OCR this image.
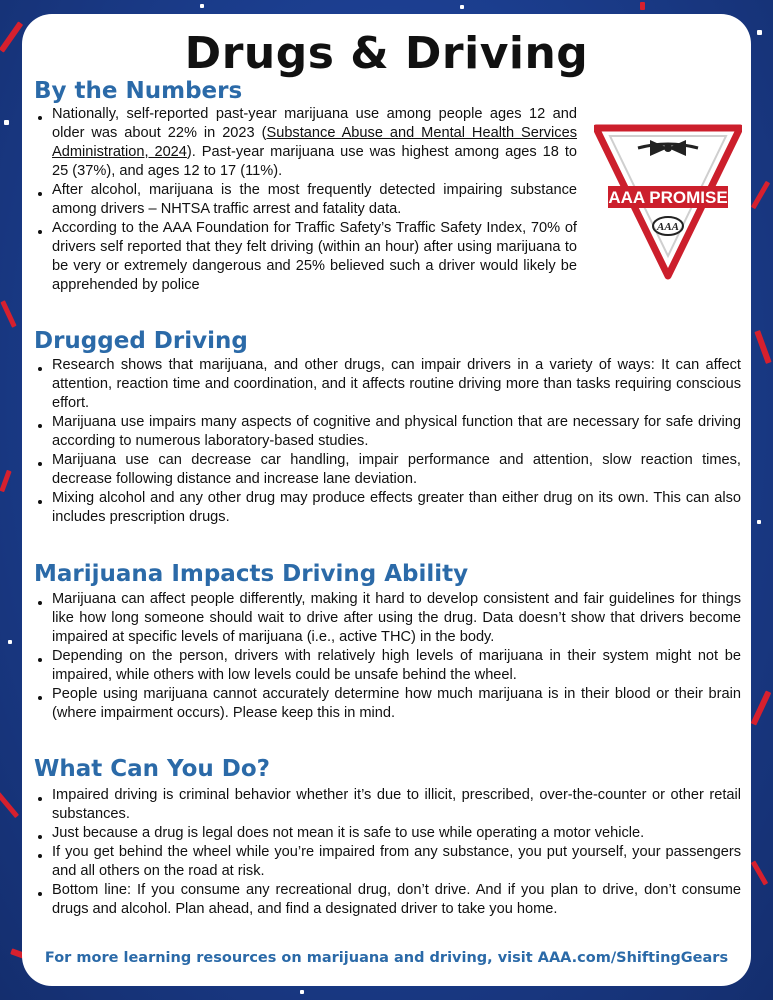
Drugs & Driving
By the Numbers
Nationally, self-reported past-year marijuana use among people ages 12 and older was about 22% in 2023 (Substance Abuse and Mental Health Services Administration, 2024). Past-year marijuana use was highest among ages 18 to 25 (37%), and ages 12 to 17 (11%).
After alcohol, marijuana is the most frequently detected impairing substance among drivers – NHTSA traffic arrest and fatality data.
According to the AAA Foundation for Traffic Safety’s Traffic Safety Index, 70% of drivers self reported that they felt driving (within an hour) after using marijuana to be very or extremely dangerous and 25% believed such a driver would likely be apprehended by police
AAA PROMISE
AAA
Drugged Driving
Research shows that marijuana, and other drugs, can impair drivers in a variety of ways: It can affect attention, reaction time and coordination, and it affects routine driving more than tasks requiring conscious effort.
Marijuana use impairs many aspects of cognitive and physical function that are necessary for safe driving according to numerous laboratory-based studies.
Marijuana use can decrease car handling, impair performance and attention, slow reaction times, decrease following distance and increase lane deviation.
Mixing alcohol and any other drug may produce effects greater than either drug on its own. This can also includes prescription drugs.
Marijuana Impacts Driving Ability
Marijuana can affect people differently, making it hard to develop consistent and fair guidelines for things like how long someone should wait to drive after using the drug. Data doesn’t show that drivers become impaired at specific levels of marijuana (i.e., active THC) in the body.
Depending on the person, drivers with relatively high levels of marijuana in their system might not be impaired, while others with low levels could be unsafe behind the wheel.
People using marijuana cannot accurately determine how much marijuana is in their blood or their brain (where impairment occurs). Please keep this in mind.
What Can You Do?
Impaired driving is criminal behavior whether it’s due to illicit, prescribed, over-the-counter or other retail substances.
Just because a drug is legal does not mean it is safe to use while operating a motor vehicle.
If you get behind the wheel while you’re impaired from any substance, you put yourself, your passengers and all others on the road at risk.
Bottom line: If you consume any recreational drug, don’t drive. And if you plan to drive, don’t consume drugs and alcohol. Plan ahead, and find a designated driver to take you home.
For more learning resources on marijuana and driving, visit AAA.com/ShiftingGears
